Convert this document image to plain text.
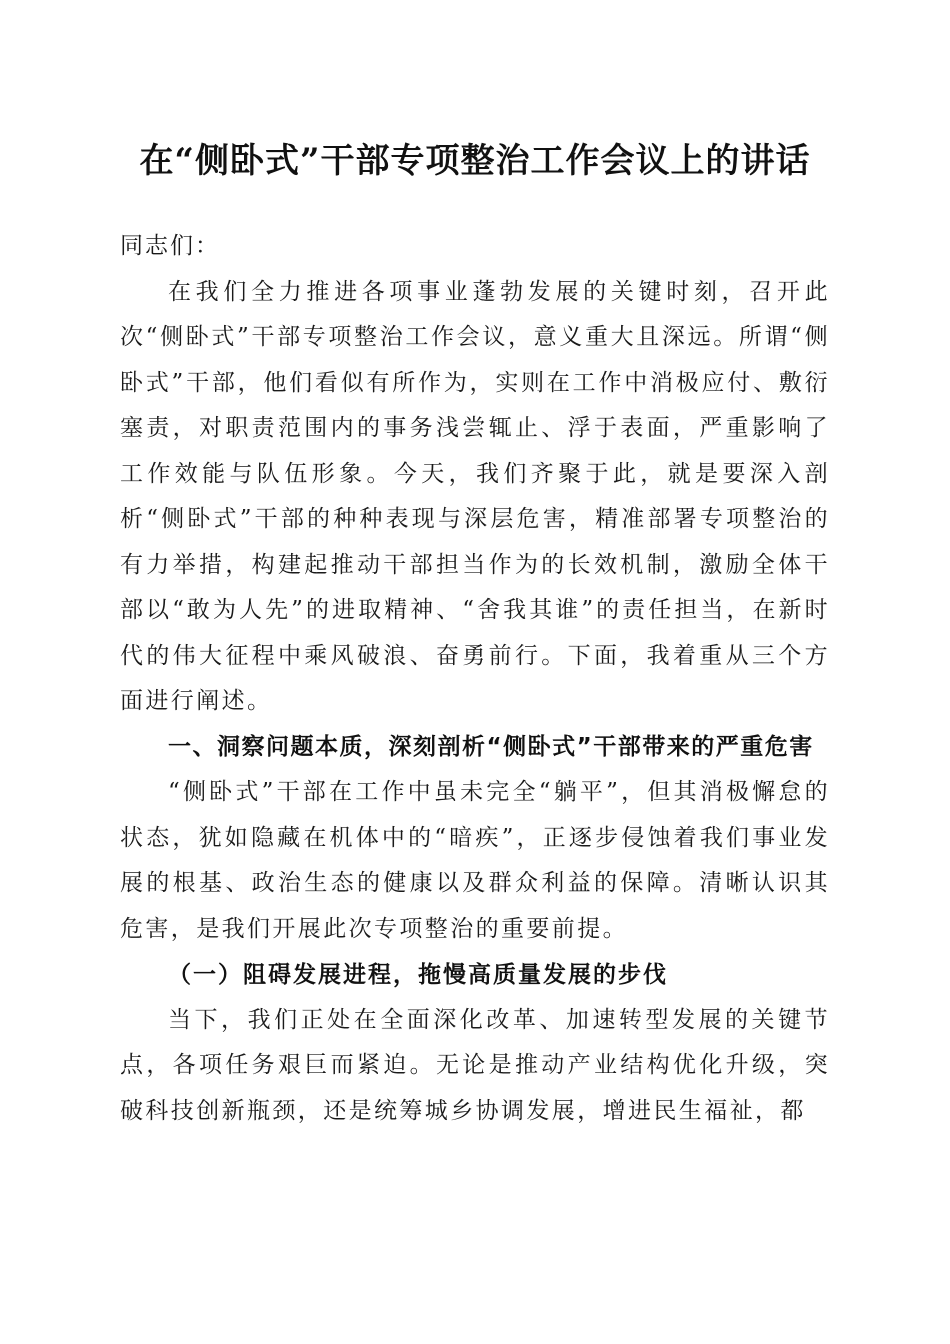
在“侧卧式”干部专项整治工作会议上的讲话

同志们：

在我们全力推进各项事业蓬勃发展的关键时刻，召开此次“侧卧式”干部专项整治工作会议，意义重大且深远。所谓“侧卧式”干部，他们看似有所作为，实则在工作中消极应付、敷衍塞责，对职责范围内的事务浅尝辄止、浮于表面，严重影响了工作效能与队伍形象。今天，我们齐聚于此，就是要深入剖析“侧卧式”干部的种种表现与深层危害，精准部署专项整治的有力举措，构建起推动干部担当作为的长效机制，激励全体干部以“敢为人先”的进取精神、“舍我其谁”的责任担当，在新时代的伟大征程中乘风破浪、奋勇前行。下面，我着重从三个方面进行阐述。

一、洞察问题本质，深刻剖析“侧卧式”干部带来的严重危害

“侧卧式”干部在工作中虽未完全“躺平”，但其消极懈怠的状态，犹如隐藏在机体中的“暗疾”，正逐步侵蚀着我们事业发展的根基、政治生态的健康以及群众利益的保障。清晰认识其危害，是我们开展此次专项整治的重要前提。

（一）阻碍发展进程，拖慢高质量发展的步伐

当下，我们正处在全面深化改革、加速转型发展的关键节点，各项任务艰巨而紧迫。无论是推动产业结构优化升级，突破科技创新瓶颈，还是统筹城乡协调发展，增进民生福祉，都
